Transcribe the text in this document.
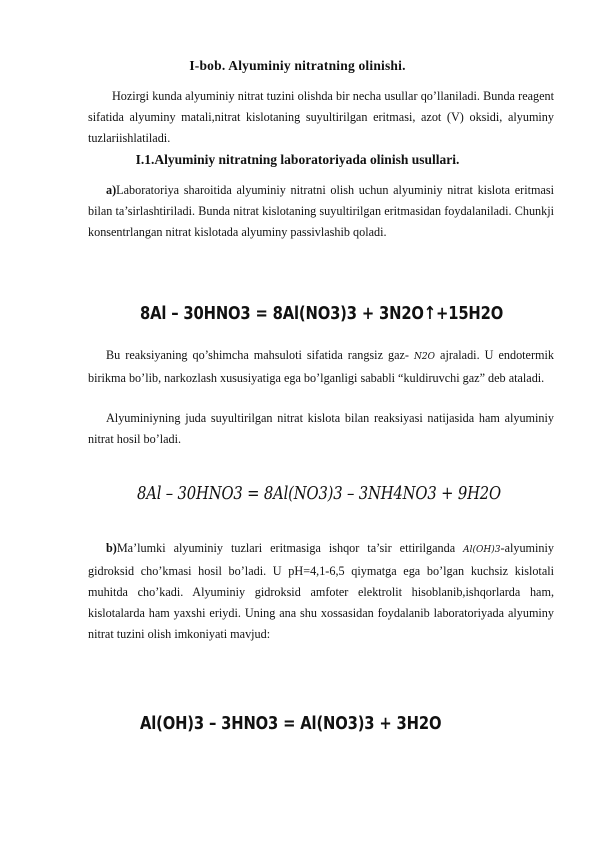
I-bob. Alyuminiy nitratning olinishi.
Hozirgi kunda alyuminiy nitrat tuzini olishda bir necha usullar qo’llaniladi. Bunda reagent sifatida alyuminy matali,nitrat kislotaning suyultirilgan eritmasi, azot (V) oksidi, alyuminy tuzlariishlatiladi.
I.1.Alyuminiy nitratning laboratoriyada olinish usullari.
a)Laboratoriya sharoitida alyuminiy nitratni olish uchun alyuminiy nitrat kislota eritmasi bilan ta’sirlashtiriladi. Bunda nitrat kislotaning suyultirilgan eritmasidan foydalaniladi. Chunkji konsentrlangan nitrat kislotada alyuminy passivlashib qoladi.
8Al – 30HNO3 = 8Al(NO3)3 + 3N2O↑+15H2O
Bu reaksiyaning qo’shimcha mahsuloti sifatida rangsiz gaz- N2O ajraladi. U endotermik birikma bo’lib, narkozlash xususiyatiga ega bo’lganligi sababli “kuldiruvchi gaz” deb ataladi.
Alyuminiyning juda suyultirilgan nitrat kislota bilan reaksiyasi natijasida ham alyuminiy nitrat hosil bo’ladi.
8Al – 30HNO3 = 8Al(NO3)3 – 3NH4NO3 + 9H2O
b)Ma’lumki alyuminiy tuzlari eritmasiga ishqor ta’sir ettirilganda Al(OH)3-alyuminiy gidroksid cho’kmasi hosil bo’ladi. U pH=4,1-6,5 qiymatga ega bo’lgan kuchsiz kislotali muhitda cho’kadi. Alyuminiy gidroksid amfoter elektrolit hisoblanib,ishqorlarda ham, kislotalarda ham yaxshi eriydi. Uning ana shu xossasidan foydalanib laboratoriyada alyuminy nitrat tuzini olish imkoniyati mavjud:
Al(OH)3 – 3HNO3 = Al(NO3)3 + 3H2O
